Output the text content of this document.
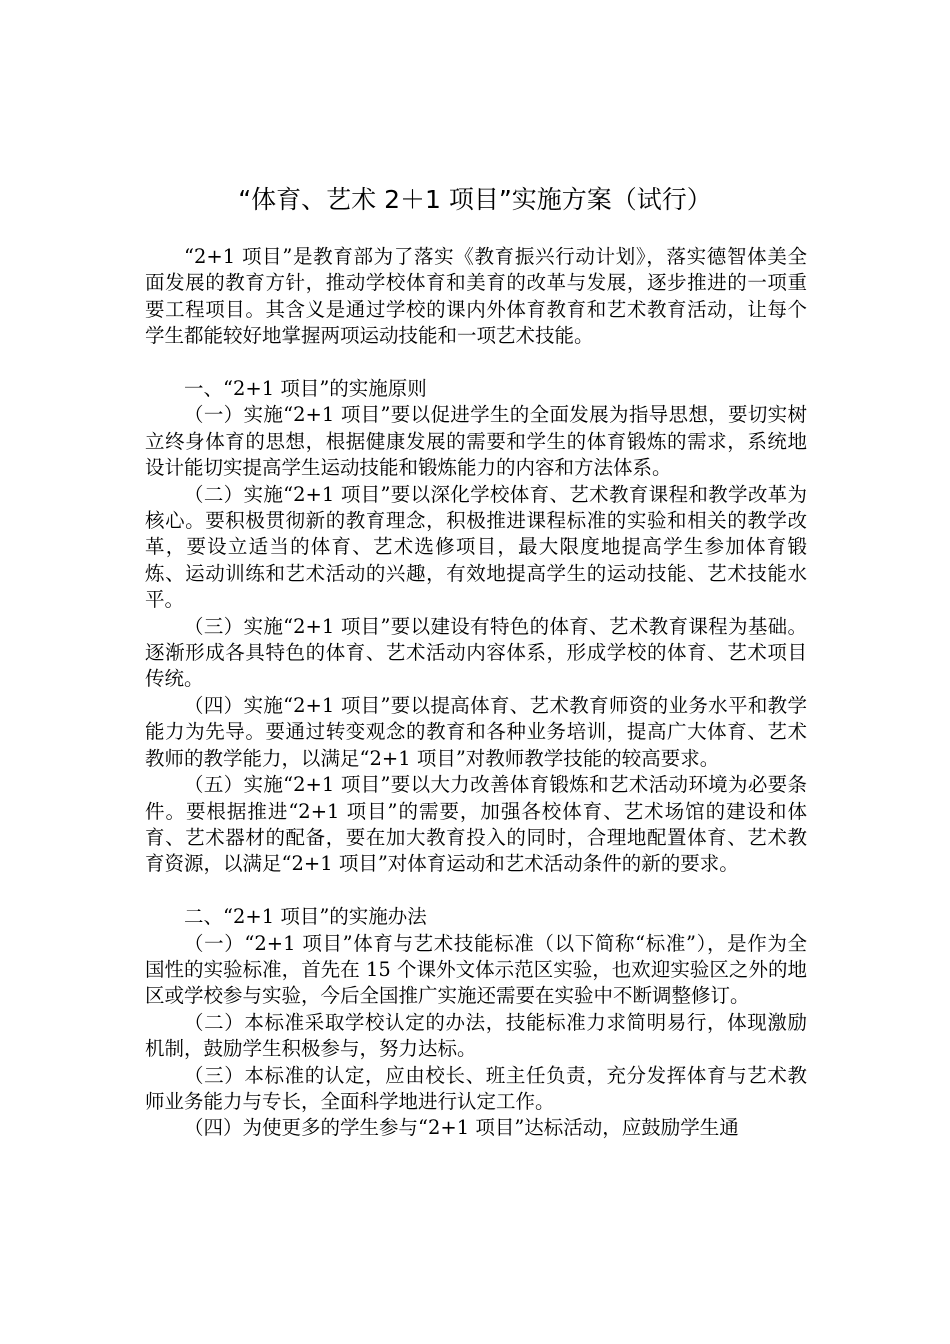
“体育、艺术 2＋1 项目”实施方案（试行）

“2+1 项目”是教育部为了落实《教育振兴行动计划》，落实德智体美全面发展的教育方针，推动学校体育和美育的改革与发展，逐步推进的一项重要工程项目。其含义是通过学校的课内外体育教育和艺术教育活动，让每个学生都能较好地掌握两项运动技能和一项艺术技能。

一、“2+1 项目”的实施原则

（一）实施“2+1 项目”要以促进学生的全面发展为指导思想，要切实树立终身体育的思想，根据健康发展的需要和学生的体育锻炼的需求，系统地设计能切实提高学生运动技能和锻炼能力的内容和方法体系。

（二）实施“2+1 项目”要以深化学校体育、艺术教育课程和教学改革为核心。要积极贯彻新的教育理念，积极推进课程标准的实验和相关的教学改革，要设立适当的体育、艺术选修项目，最大限度地提高学生参加体育锻炼、运动训练和艺术活动的兴趣，有效地提高学生的运动技能、艺术技能水平。

（三）实施“2+1 项目”要以建设有特色的体育、艺术教育课程为基础。逐渐形成各具特色的体育、艺术活动内容体系，形成学校的体育、艺术项目传统。

（四）实施“2+1 项目”要以提高体育、艺术教育师资的业务水平和教学能力为先导。要通过转变观念的教育和各种业务培训，提高广大体育、艺术教师的教学能力，以满足“2+1 项目”对教师教学技能的较高要求。

（五）实施“2+1 项目”要以大力改善体育锻炼和艺术活动环境为必要条件。要根据推进“2+1 项目”的需要，加强各校体育、艺术场馆的建设和体育、艺术器材的配备，要在加大教育投入的同时，合理地配置体育、艺术教育资源，以满足“2+1 项目”对体育运动和艺术活动条件的新的要求。

二、“2+1 项目”的实施办法

（一）“2+1 项目”体育与艺术技能标准（以下简称“标准”），是作为全国性的实验标准，首先在 15 个课外文体示范区实验，也欢迎实验区之外的地区或学校参与实验，今后全国推广实施还需要在实验中不断调整修订。

（二）本标准采取学校认定的办法，技能标准力求简明易行，体现激励机制，鼓励学生积极参与，努力达标。

（三）本标准的认定，应由校长、班主任负责，充分发挥体育与艺术教师业务能力与专长，全面科学地进行认定工作。

（四）为使更多的学生参与“2+1 项目”达标活动，应鼓励学生通
